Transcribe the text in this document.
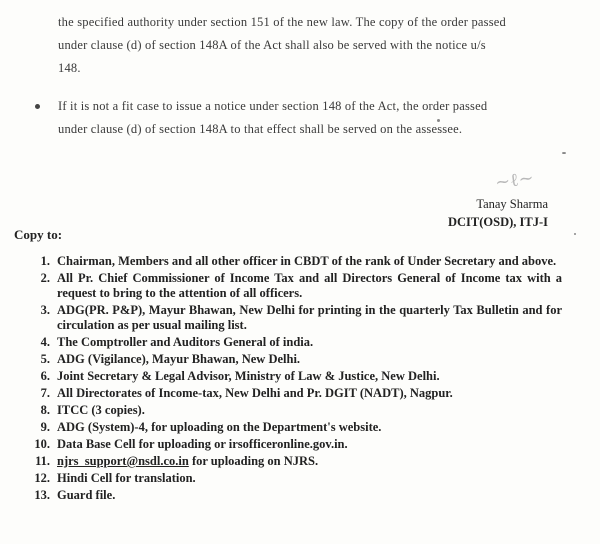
the specified authority under section 151 of the new law. The copy of the order passed
under clause (d) of section 148A of the Act shall also be served with the notice u/s
148.
If it is not a fit case to issue a notice under section 148 of the Act, the order passed
under clause (d) of section 148A to that effect shall be served on the assessee.
~ℓ~
Tanay Sharma
DCIT(OSD), ITJ-I
Copy to:
1. Chairman, Members and all other officer in CBDT of the rank of Under Secretary and above.
2. All Pr. Chief Commissioner of Income Tax and all Directors General of Income tax with a request to bring to the attention of all officers.
3. ADG(PR. P&P), Mayur Bhawan, New Delhi for printing in the quarterly Tax Bulletin and for circulation as per usual mailing list.
4. The Comptroller and Auditors General of india.
5. ADG (Vigilance), Mayur Bhawan, New Delhi.
6. Joint Secretary & Legal Advisor, Ministry of Law & Justice, New Delhi.
7. All Directorates of Income-tax, New Delhi and Pr. DGIT (NADT), Nagpur.
8. ITCC (3 copies).
9. ADG (System)-4, for uploading on the Department's website.
10. Data Base Cell for uploading or irsofficeronline.gov.in.
11. njrs_support@nsdl.co.in for uploading on NJRS.
12. Hindi Cell for translation.
13. Guard file.
